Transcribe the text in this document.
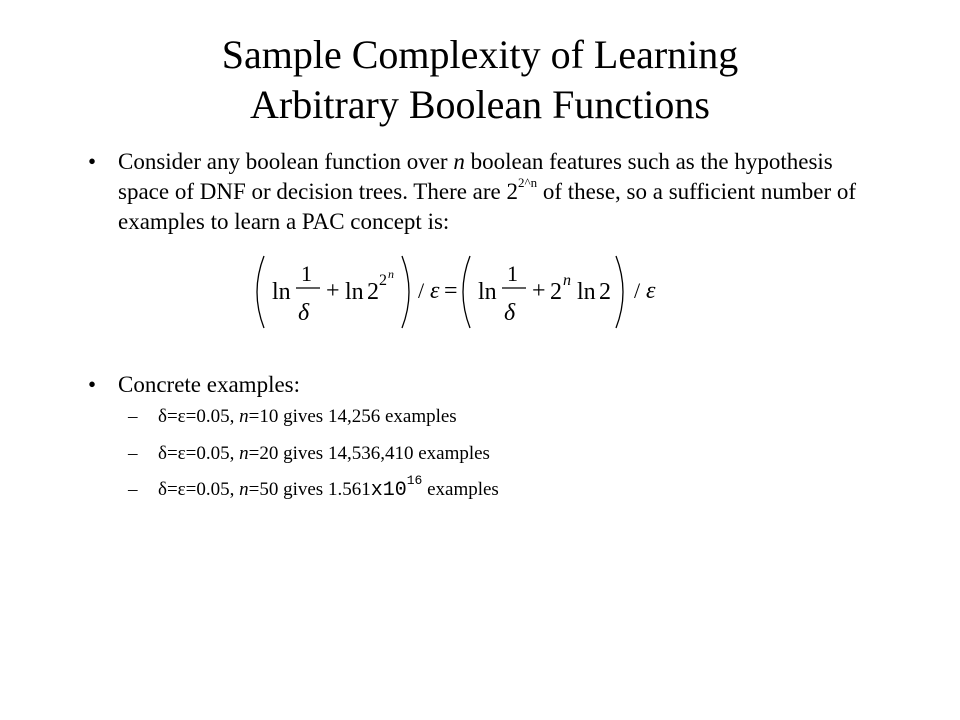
Sample Complexity of Learning
Arbitrary Boolean Functions
• Consider any boolean function over n boolean features such as the hypothesis space of DNF or decision trees. There are $2^{2\^{}n}$ of these, so a sufficient number of examples to learn a PAC concept is:
ln
1
δ
+ ln 2 2 n
/ ε = ln
1
δ
+ 2 n ln 2 / ε
• Concrete examples:
– δ=ε=0.05, n=10 gives 14,256 examples
– δ=ε=0.05, n=20 gives 14,536,410 examples
– δ=ε=0.05, n=50 gives $1.561x10^{16}$ examples
